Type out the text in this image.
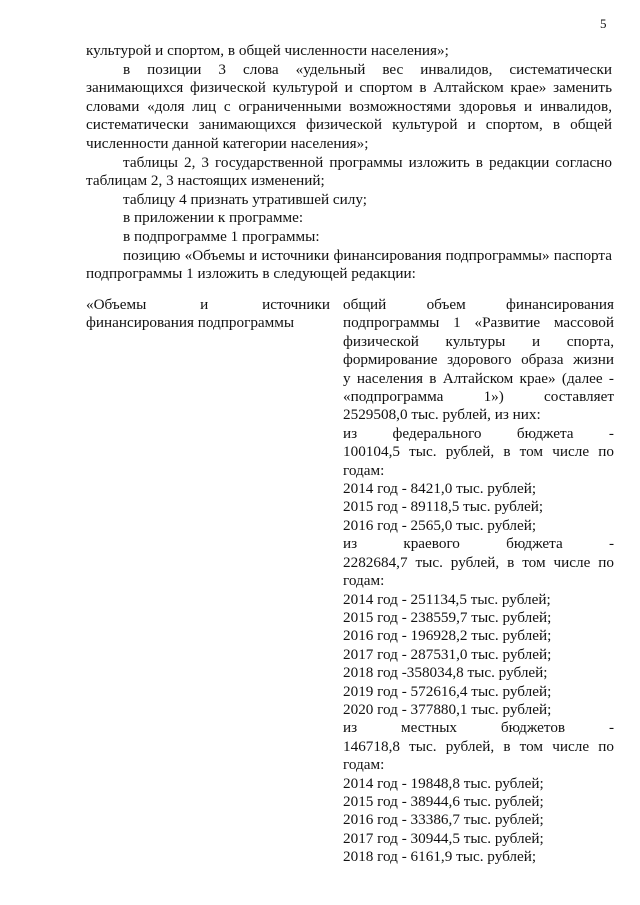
5

культурой и спортом, в общей численности населения»;

в позиции 3 слова «удельный вес инвалидов, систематически занимающихся физической культурой и спортом в Алтайском крае» заменить словами «доля лиц с ограниченными возможностями здоровья и инвалидов, систематически занимающихся физической культурой и спортом, в общей численности данной категории населения»;

таблицы 2, 3 государственной программы изложить в редакции согласно таблицам 2, 3 настоящих изменений;

таблицу 4 признать утратившей силу;

в приложении к программе:

в подпрограмме 1 программы:

позицию «Объемы и источники финансирования подпрограммы» паспорта подпрограммы 1 изложить в следующей редакции:

«Объемы и источники
финансирования подпрограммы

общий объем финансирования
подпрограммы 1 «Развитие массовой
физической культуры и спорта,
формирование здорового образа жизни
у населения в Алтайском крае» (далее -
«подпрограмма 1») составляет
2529508,0 тыс. рублей, из них:
из федерального бюджета -
100104,5 тыс. рублей, в том числе по
годам:
2014 год - 8421,0 тыс. рублей;
2015 год - 89118,5 тыс. рублей;
2016 год - 2565,0 тыс. рублей;
из краевого бюджета -
2282684,7 тыс. рублей, в том числе по
годам:
2014 год - 251134,5 тыс. рублей;
2015 год - 238559,7 тыс. рублей;
2016 год - 196928,2 тыс. рублей;
2017 год - 287531,0 тыс. рублей;
2018 год -358034,8 тыс. рублей;
2019 год - 572616,4 тыс. рублей;
2020 год - 377880,1 тыс. рублей;
из местных бюджетов -
146718,8 тыс. рублей, в том числе по
годам:
2014 год - 19848,8 тыс. рублей;
2015 год - 38944,6 тыс. рублей;
2016 год - 33386,7 тыс. рублей;
2017 год - 30944,5 тыс. рублей;
2018 год - 6161,9 тыс. рублей;
